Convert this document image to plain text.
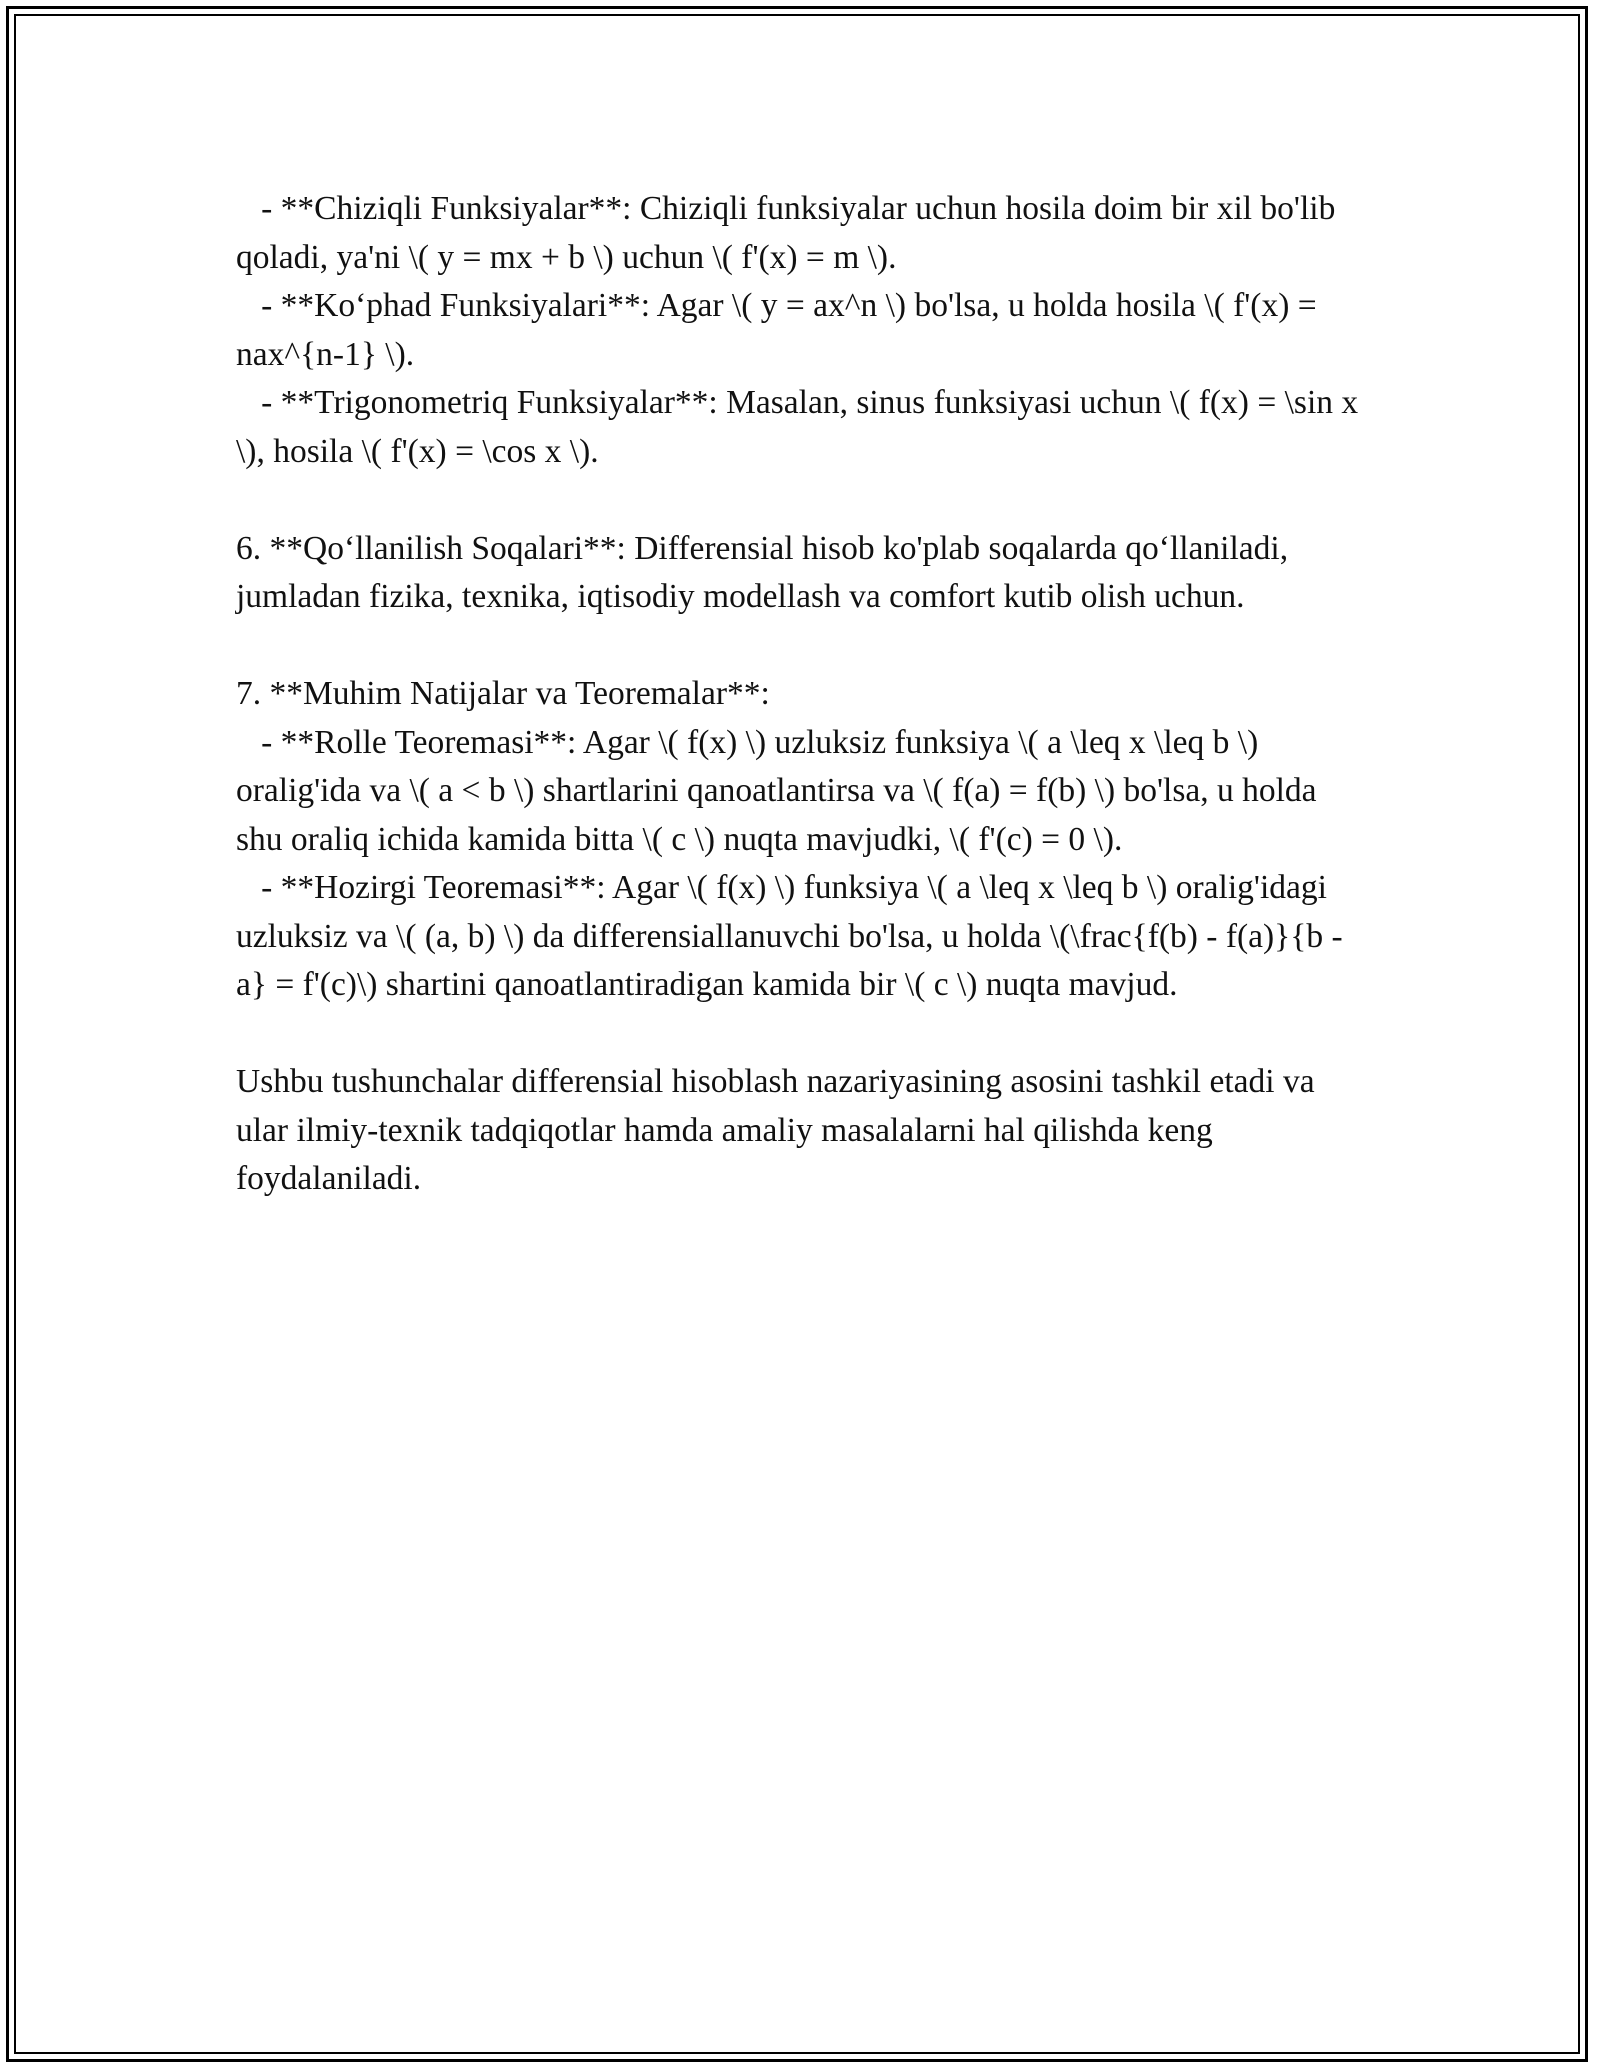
- **Chiziqli Funksiyalar**: Chiziqli funksiyalar uchun hosila doim bir xil bo'lib qoladi, ya'ni \( y = mx + b \) uchun \( f'(x) = m \).
- **Koʻphad Funksiyalari**: Agar \( y = ax^n \) bo'lsa, u holda hosila \( f'(x) = nax^{n-1} \).
- **Trigonometriq Funksiyalar**: Masalan, sinus funksiyasi uchun \( f(x) = \sin x \), hosila \( f'(x) = \cos x \).

6. **Qoʻllanilish Soqalari**: Differensial hisob ko'plab soqalarda qoʻllaniladi, jumladan fizika, texnika, iqtisodiy modellash va comfort kutib olish uchun.

7. **Muhim Natijalar va Teoremalar**:
- **Rolle Teoremasi**: Agar \( f(x) \) uzluksiz funksiya \( a \leq x \leq b \) oralig'ida va \( a < b \) shartlarini qanoatlantirsa va \( f(a) = f(b) \) bo'lsa, u holda shu oraliq ichida kamida bitta \( c \) nuqta mavjudki, \( f'(c) = 0 \).
- **Hozirgi Teoremasi**: Agar \( f(x) \) funksiya \( a \leq x \leq b \) oralig'idagi uzluksiz va \( (a, b) \) da differensiallanuvchi bo'lsa, u holda \(\frac{f(b) - f(a)}{b - a} = f'(c)\) shartini qanoatlantiradigan kamida bir \( c \) nuqta mavjud.

Ushbu tushunchalar differensial hisoblash nazariyasining asosini tashkil etadi va ular ilmiy-texnik tadqiqotlar hamda amaliy masalalarni hal qilishda keng foydalaniladi.
